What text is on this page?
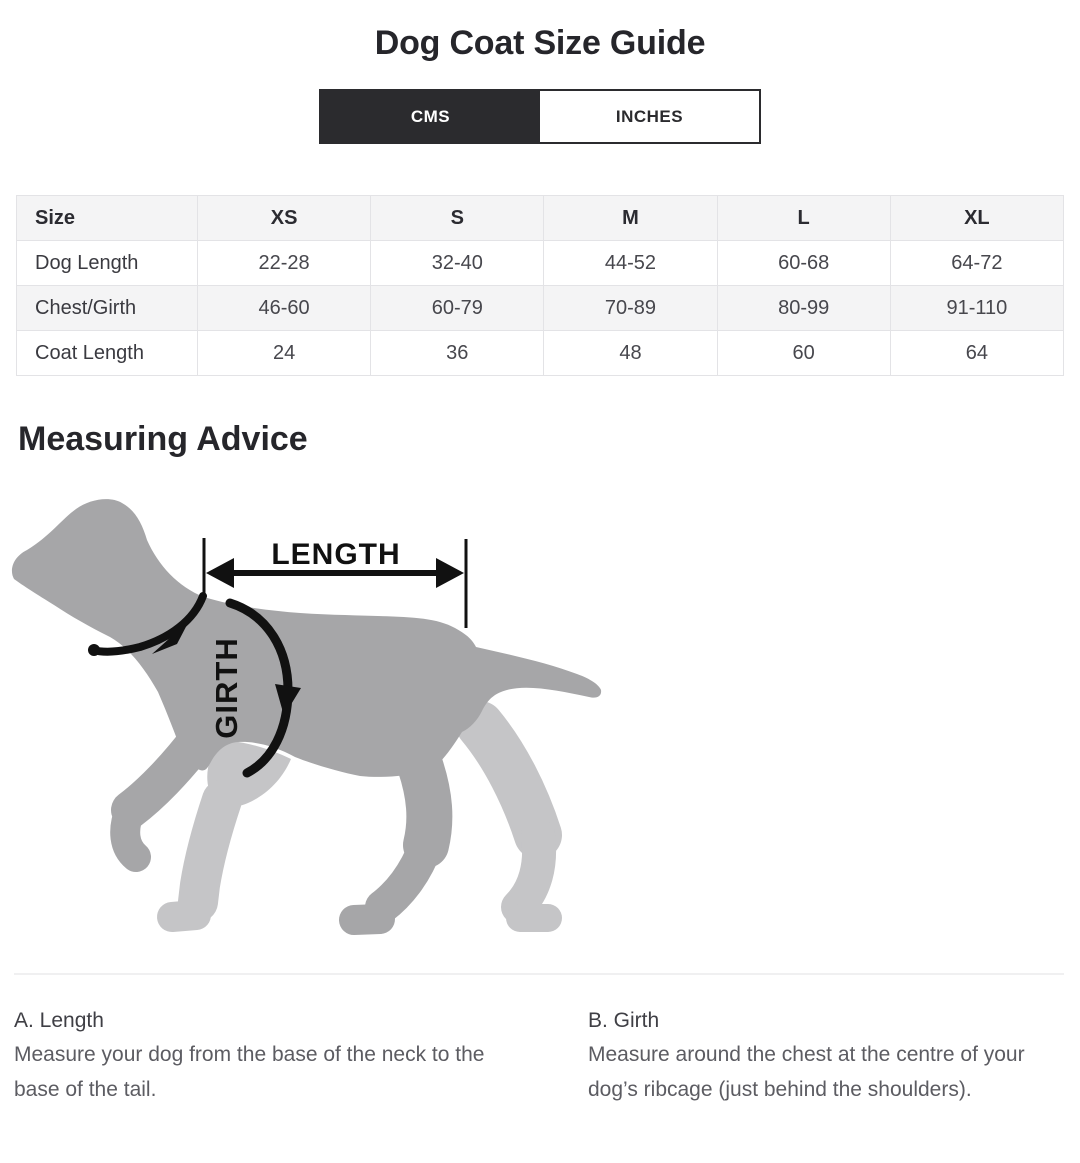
Dog Coat Size Guide
CMS	INCHES
Size	XS	S	M	L	XL
Dog Length	22-28	32-40	44-52	60-68	64-72
Chest/Girth	46-60	60-79	70-89	80-99	91-110
Coat Length	24	36	48	60	64
Measuring Advice
LENGTH
GIRTH
A. Length

Measure your dog from the base of the neck to the base of the tail.

B. Girth

Measure around the chest at the centre of your dog’s ribcage (just behind the shoulders).
